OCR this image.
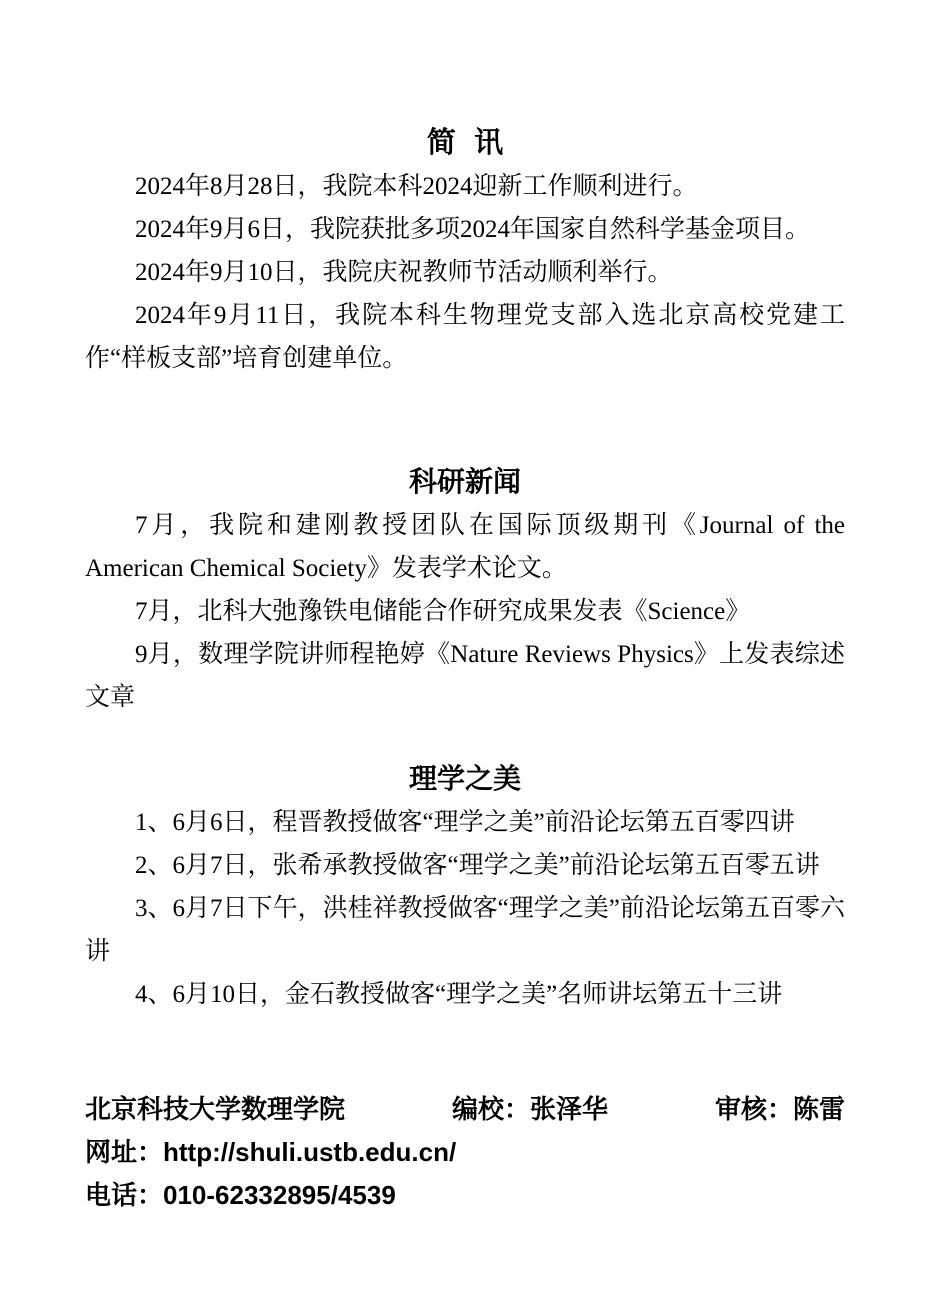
简 讯

2024年8月28日，我院本科2024迎新工作顺利进行。

2024年9月6日，我院获批多项2024年国家自然科学基金项目。

2024年9月10日，我院庆祝教师节活动顺利举行。

2024年9月11日，我院本科生物理党支部入选北京高校党建工作“样板支部”培育创建单位。

科研新闻

7月，我院和建刚教授团队在国际顶级期刊《Journal of the American Chemical Society》发表学术论文。

7月，北科大弛豫铁电储能合作研究成果发表《Science》

9月，数理学院讲师程艳婷《Nature Reviews Physics》上发表综述文章

理学之美

1、6月6日，程晋教授做客“理学之美”前沿论坛第五百零四讲

2、6月7日，张希承教授做客“理学之美”前沿论坛第五百零五讲

3、6月7日下午，洪桂祥教授做客“理学之美”前沿论坛第五百零六讲

4、6月10日，金石教授做客“理学之美”名师讲坛第五十三讲

北京科技大学数理学院	编校：张泽华	审核：陈雷
网址：http://shuli.ustb.edu.cn/
电话：010-62332895/4539
